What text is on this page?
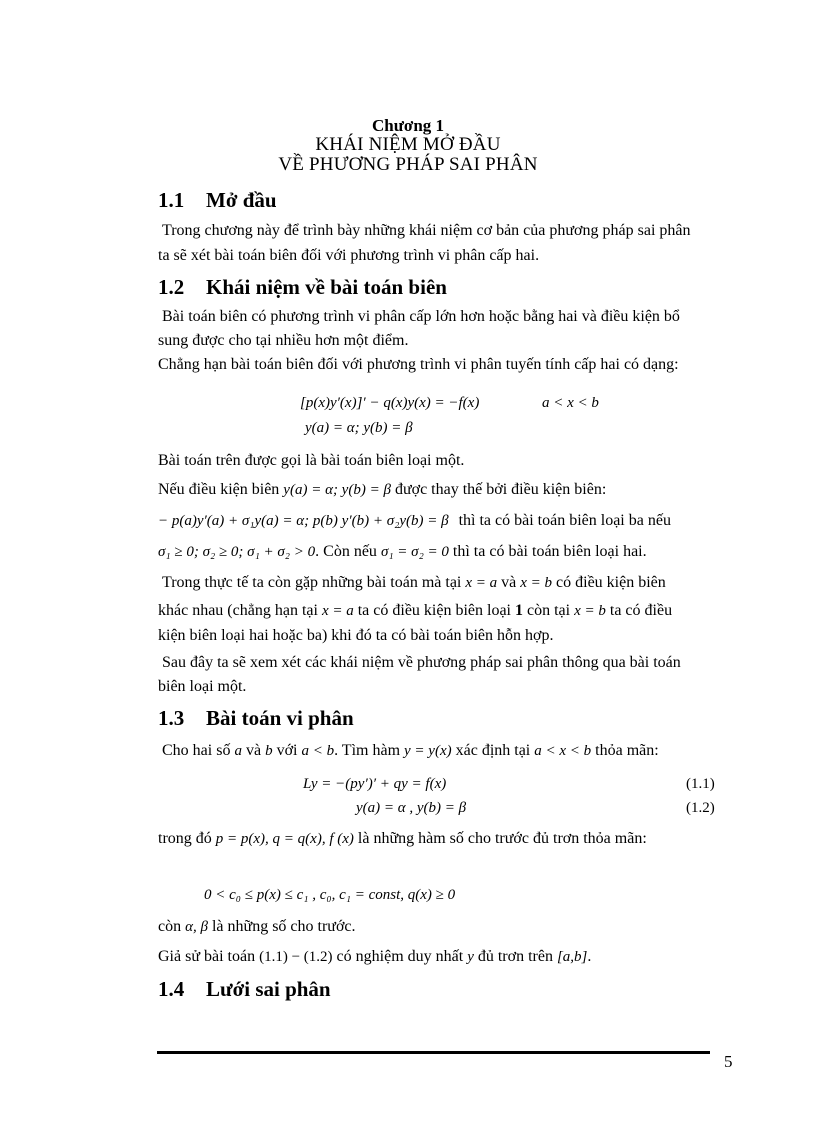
Chương 1
KHÁI NIỆM MỞ ĐẦU
VỀ PHƯƠNG PHÁP SAI PHÂN
1.1 Mở đầu
Trong chương này để trình bày những khái niệm cơ bản của phương pháp sai phân
ta sẽ xét bài toán biên đối với phương trình vi phân cấp hai.
1.2 Khái niệm về bài toán biên
Bài toán biên có phương trình vi phân cấp lớn hơn hoặc bằng hai và điều kiện bổ
sung được cho tại nhiều hơn một điểm.
Chẳng hạn bài toán biên đối với phương trình vi phân tuyến tính cấp hai có dạng:
[p(x)y′(x)]′ − q(x)y(x) = −f(x)	a < x < b
y(a) = α; y(b) = β
Bài toán trên được gọi là bài toán biên loại một.
Nếu điều kiện biên y(a) = α; y(b) = β được thay thế bởi điều kiện biên:
− p(a)y′(a) + σ₁y(a) = α; p(b) y′(b) + σ₂y(b) = β thì ta có bài toán biên loại ba nếu
σ₁ ≥ 0; σ₂ ≥ 0; σ₁ + σ₂ > 0. Còn nếu σ₁ = σ₂ = 0 thì ta có bài toán biên loại hai.
Trong thực tế ta còn gặp những bài toán mà tại x = a và x = b có điều kiện biên
khác nhau (chẳng hạn tại x = a ta có điều kiện biên loại 1 còn tại x = b ta có điều
kiện biên loại hai hoặc ba) khi đó ta có bài toán biên hỗn hợp.
Sau đây ta sẽ xem xét các khái niệm về phương pháp sai phân thông qua bài toán
biên loại một.
1.3 Bài toán vi phân
Cho hai số a và b với a < b. Tìm hàm y = y(x) xác định tại a < x < b thỏa mãn:
Ly = −(py′)′ + qy = f(x)	(1.1)
y(a) = α , y(b) = β	(1.2)
trong đó p = p(x), q = q(x), f (x) là những hàm số cho trước đủ trơn thỏa mãn:
0 < c₀ ≤ p(x) ≤ c₁ , c₀, c₁ = const, q(x) ≥ 0
còn α, β là những số cho trước.
Giả sử bài toán (1.1) − (1.2) có nghiệm duy nhất y đủ trơn trên [a,b].
1.4 Lưới sai phân
5
